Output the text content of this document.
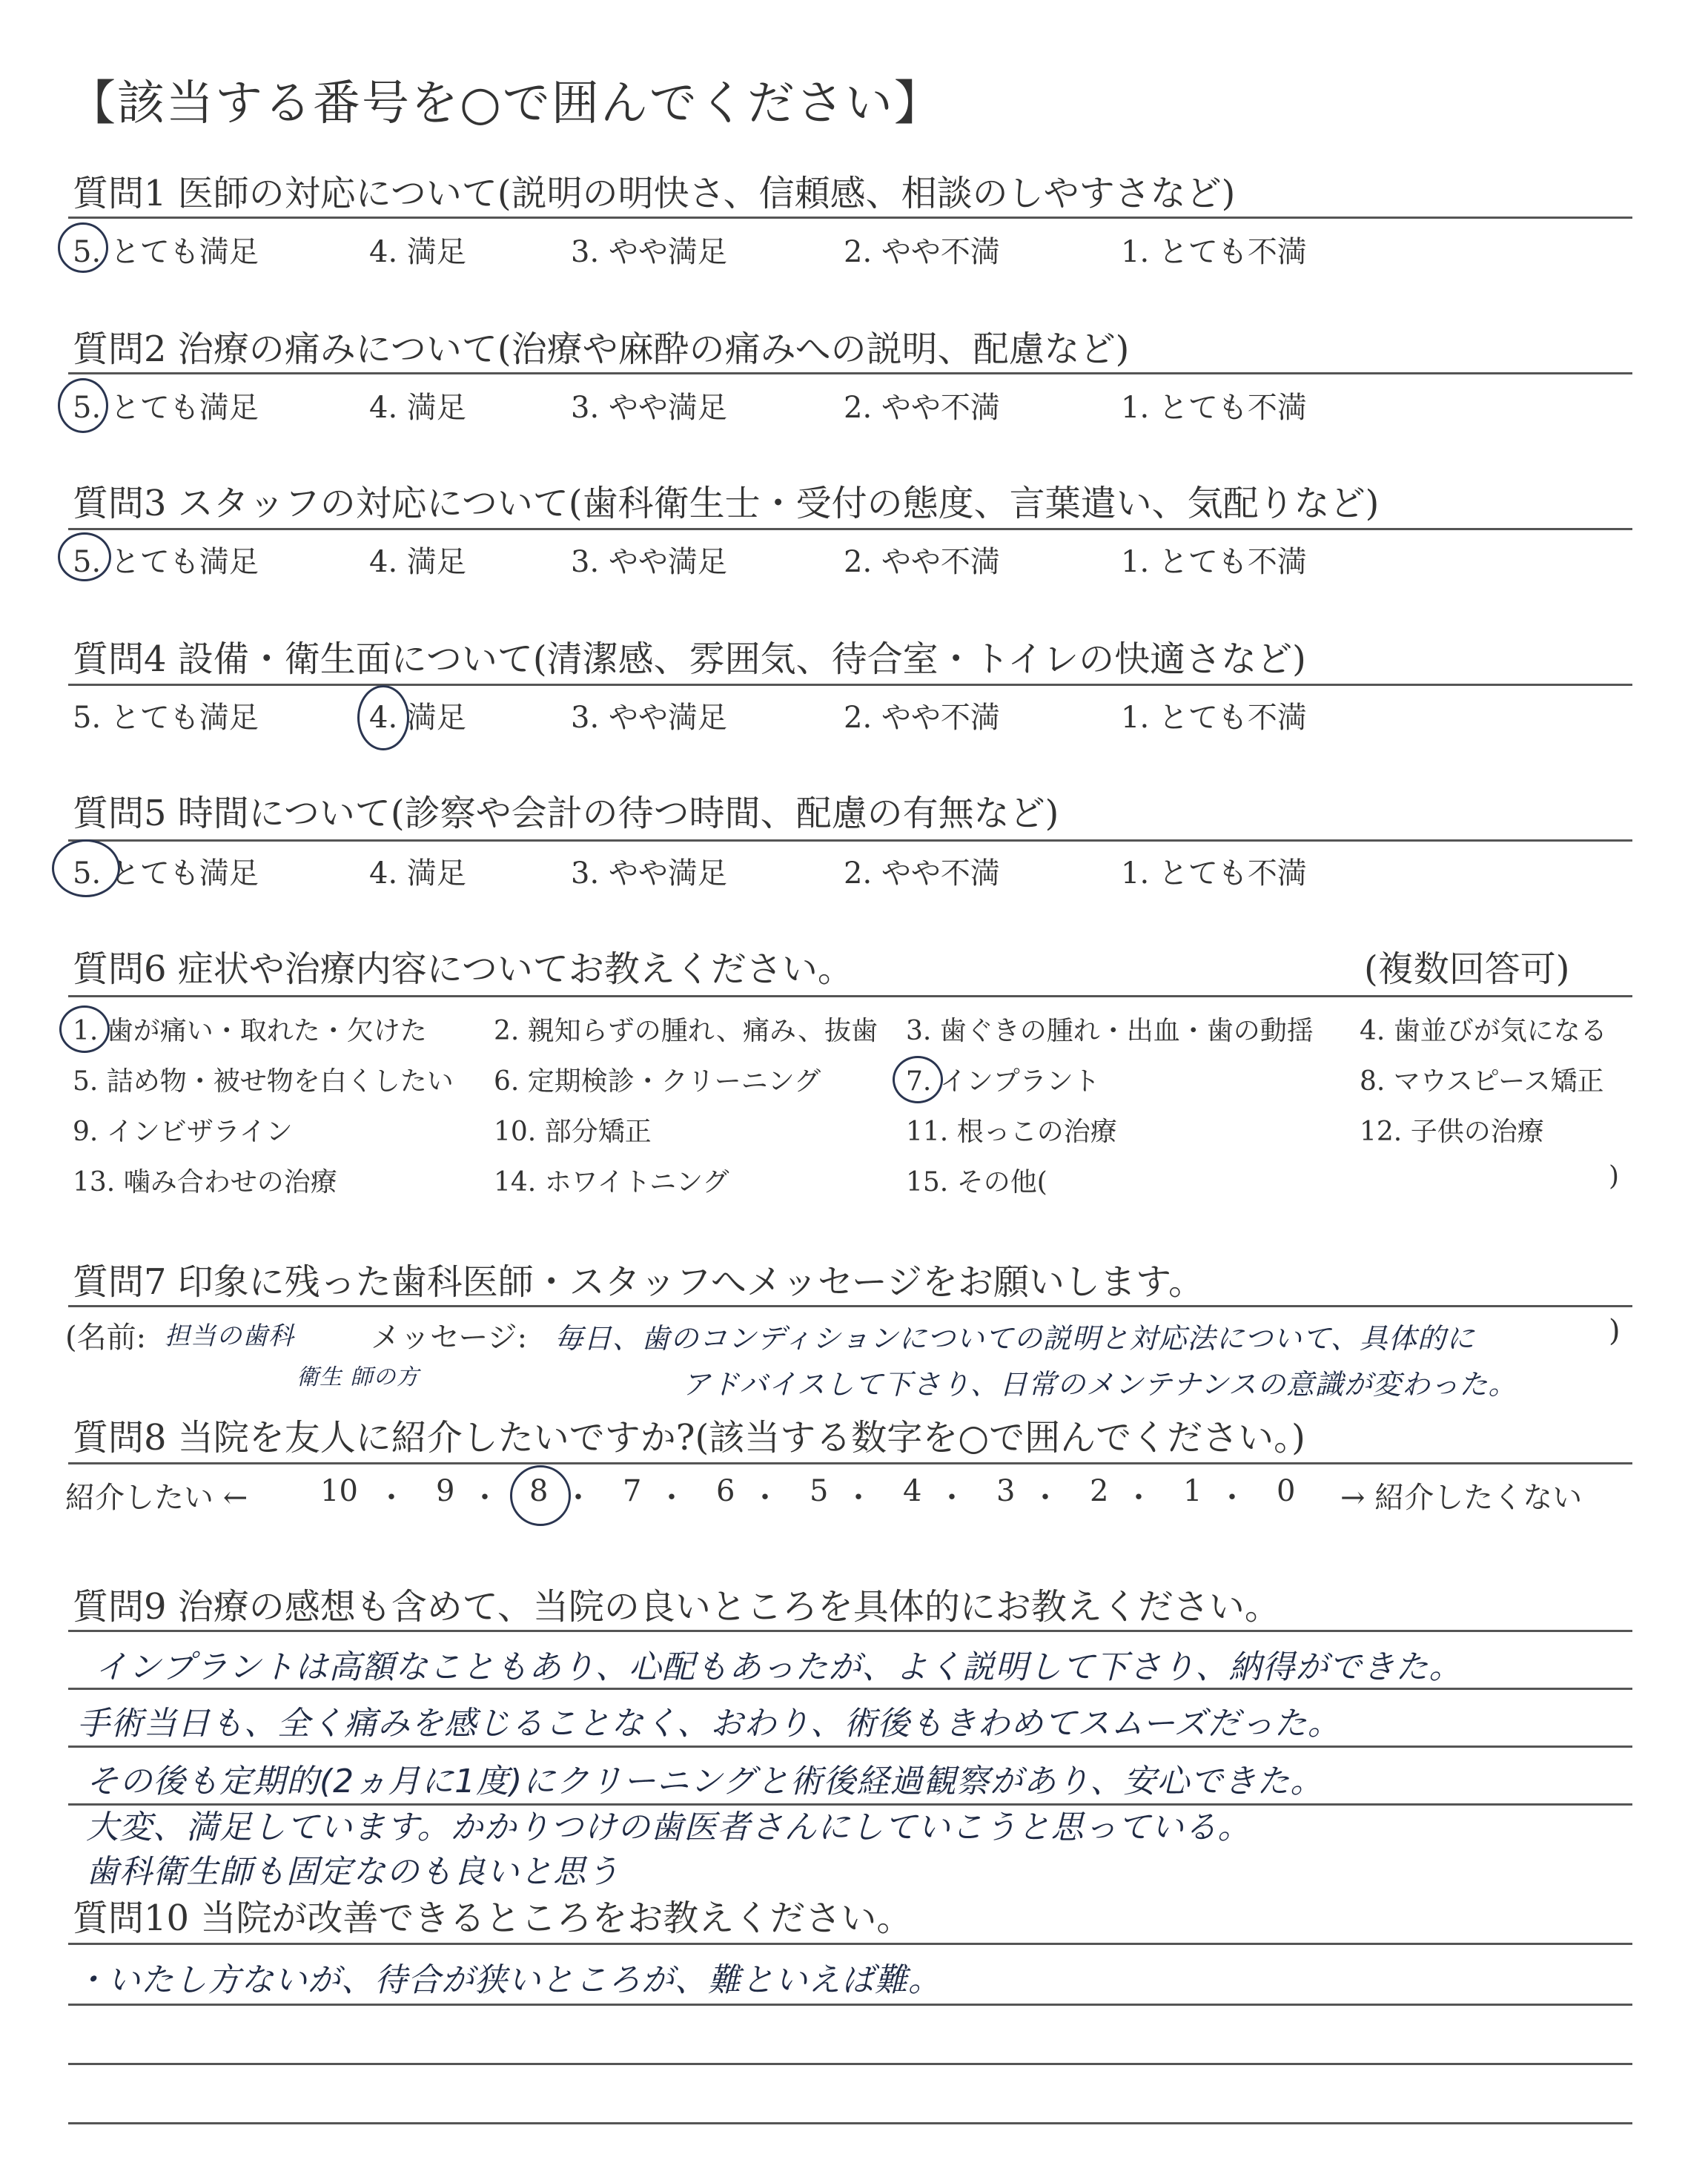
【該当する番号を○で囲んでください】
質問1 医師の対応について(説明の明快さ、信頼感、相談のしやすさなど)
5. とても満足	4. 満足	3. やや満足	2. やや不満	1. とても不満
質問2 治療の痛みについて(治療や麻酔の痛みへの説明、配慮など)
5. とても満足	4. 満足	3. やや満足	2. やや不満	1. とても不満
質問3 スタッフの対応について(歯科衛生士・受付の態度、言葉遣い、気配りなど)
5. とても満足	4. 満足	3. やや満足	2. やや不満	1. とても不満
質問4 設備・衛生面について(清潔感、雰囲気、待合室・トイレの快適さなど)
5. とても満足	4. 満足	3. やや満足	2. やや不満	1. とても不満
質問5 時間について(診察や会計の待つ時間、配慮の有無など)
5. とても満足	4. 満足	3. やや満足	2. やや不満	1. とても不満
質問6 症状や治療内容についてお教えください。	(複数回答可)
1. 歯が痛い・取れた・欠けた	2. 親知らずの腫れ、痛み、抜歯 3. 歯ぐきの腫れ・出血・歯の動揺 4. 歯並びが気になる
5. 詰め物・被せ物を白くしたい 6. 定期検診・クリーニング	7. インプラント	8. マウスピース矯正
9. インビザライン	10. 部分矯正	11. 根っこの治療	12. 子供の治療
13. 噛み合わせの治療	14. ホワイトニング	15. その他(	)
質問7 印象に残った歯科医師・スタッフへメッセージをお願いします。
(名前: 担当の歯科
衛生 師の方
メッセージ: 毎日、歯のコンディションについての説明と対応法について、具体的に
アドバイスして下さり、日常のメンテナンスの意識が変わった。
)
質問8 当院を友人に紹介したいですか?(該当する数字を○で囲んでください。)
紹介したい ← 10 ・ 9 ・ 8 ・ 7 ・ 6 ・ 5 ・ 4 ・ 3 ・ 2 ・ 1 ・ 0 → 紹介したくない
質問9 治療の感想も含めて、当院の良いところを具体的にお教えください。
インプラントは高額なこともあり、心配もあったが、よく説明して下さり、納得ができた。
手術当日も、全く痛みを感じることなく、おわり、術後もきわめてスムーズだった。
その後も定期的(2ヵ月に1度)にクリーニングと術後経過観察があり、安心できた。
大変、満足しています。かかりつけの歯医者さんにしていこうと思っている。
歯科衛生師も固定なのも良いと思う
質問10 当院が改善できるところをお教えください。
・いたし方ないが、待合が狭いところが、難といえば難。
